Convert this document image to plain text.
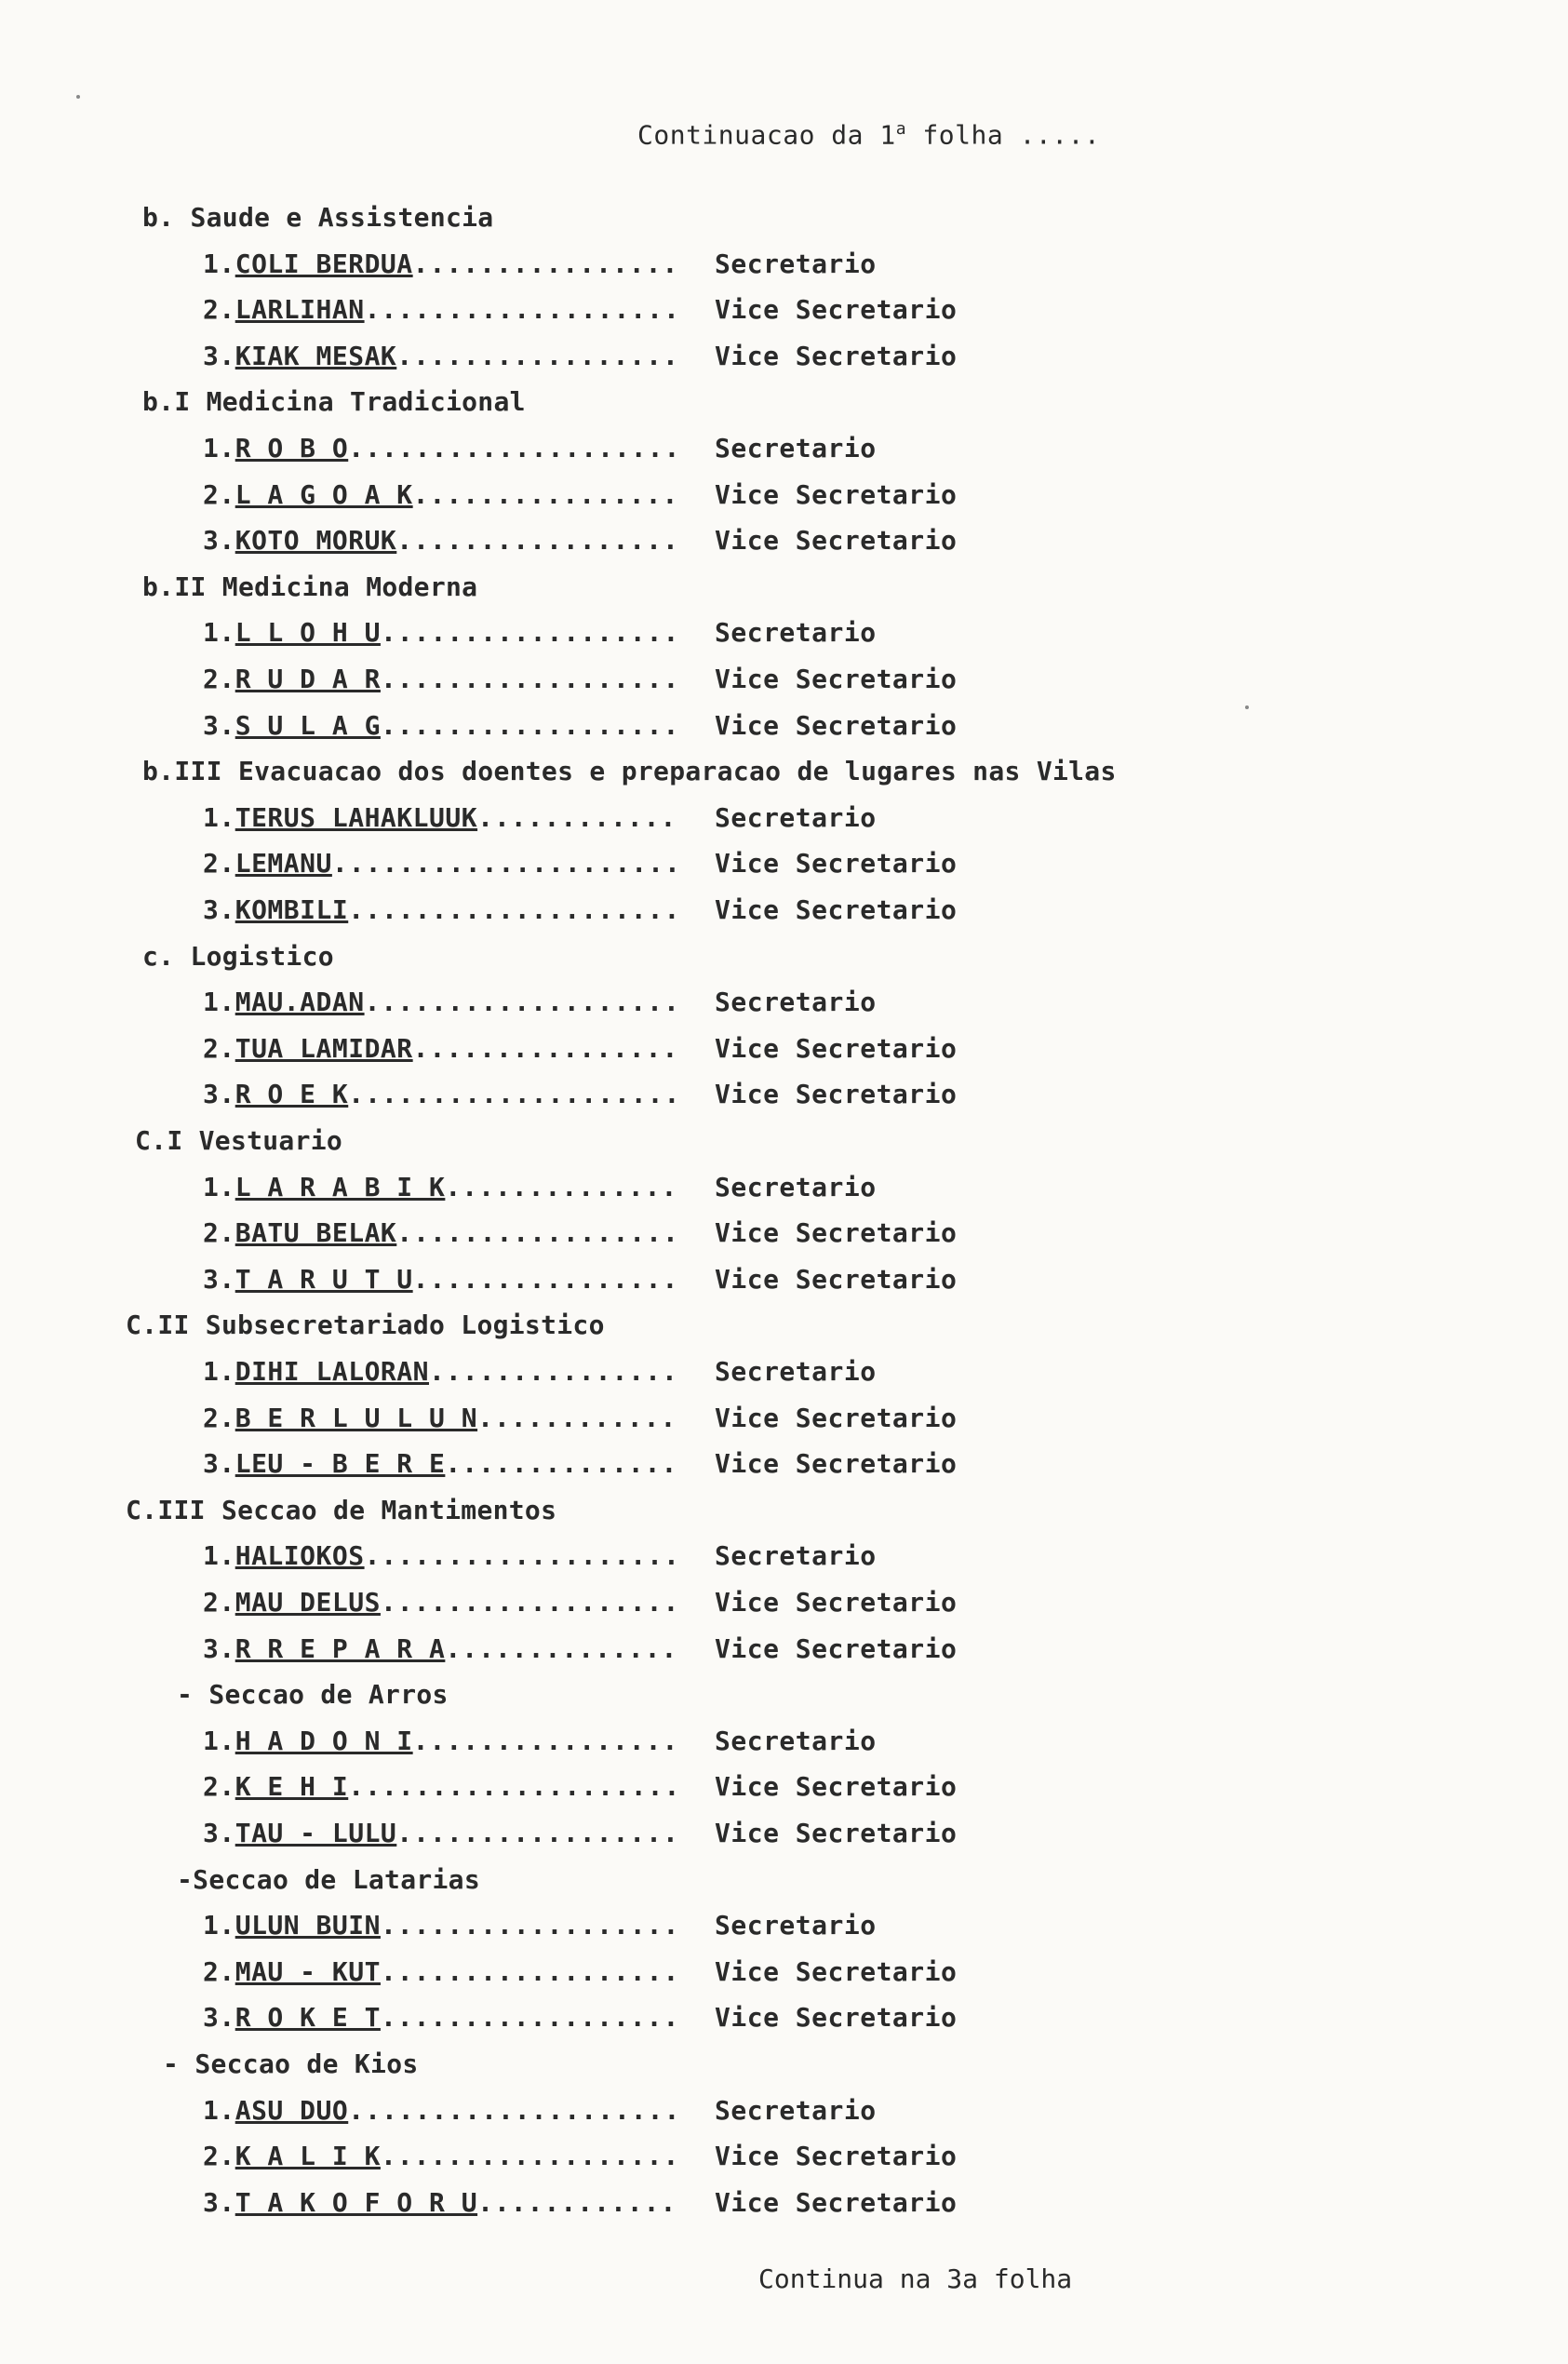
Continuacao da 1$^a$ folha .....
b. Saude e Assistencia
1.COLI BERDUA................ Secretario
2.LARLIHAN................... Vice Secretario
3.KIAK MESAK................. Vice Secretario
b.I Medicina Tradicional
1.R O B O.................... Secretario
2.L A G O A K................ Vice Secretario
3.KOTO MORUK................. Vice Secretario
b.II Medicina Moderna
1.L L O H U.................. Secretario
2.R U D A R.................. Vice Secretario
3.S U L A G.................. Vice Secretario
b.III Evacuacao dos doentes e preparacao de lugares nas Vilas
1.TERUS LAHAKLUUK............ Secretario
2.LEMANU..................... Vice Secretario
3.KOMBILI.................... Vice Secretario
c. Logistico
1.MAU.ADAN................... Secretario
2.TUA LAMIDAR................ Vice Secretario
3.R O E K.................... Vice Secretario
C.I Vestuario
1.L A R A B I K.............. Secretario
2.BATU BELAK................. Vice Secretario
3.T A R U T U................ Vice Secretario
C.II Subsecretariado Logistico
1.DIHI LALORAN............... Secretario
2.B E R L U L U N............ Vice Secretario
3.LEU - B E R E.............. Vice Secretario
C.III Seccao de Mantimentos
1.HALIOKOS................... Secretario
2.MAU DELUS.................. Vice Secretario
3.R R E P A R A.............. Vice Secretario
- Seccao de Arros
1.H A D O N I................ Secretario
2.K E H I.................... Vice Secretario
3.TAU - LULU................. Vice Secretario
-Seccao de Latarias
1.ULUN BUIN.................. Secretario
2.MAU - KUT.................. Vice Secretario
3.R O K E T.................. Vice Secretario
- Seccao de Kios
1.ASU DUO.................... Secretario
2.K A L I K.................. Vice Secretario
3.T A K O F O R U............ Vice Secretario
Continua na 3a folha
